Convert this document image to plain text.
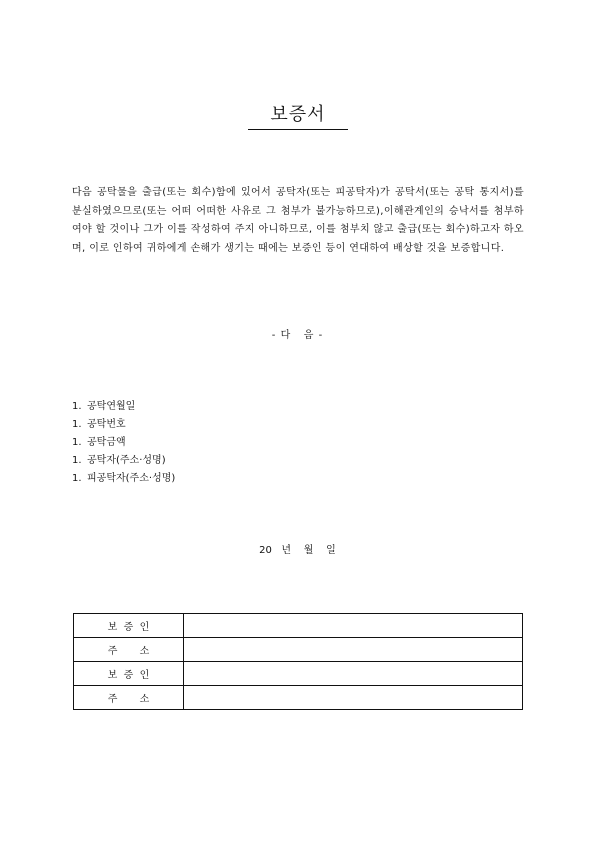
보증서

다음 공탁물을 출급(또는 회수)함에 있어서 공탁자(또는 피공탁자)가 공탁서(또는 공탁 통지서)를 분실하였으므로(또는 어떠 어떠한 사유로 그 첨부가 불가능하므로),이해관계인의 승낙서를 첨부하여야 할 것이나 그가 이를 작성하여 주지 아니하므로, 이를 첨부치 않고 출급(또는 회수)하고자 하오며, 이로 인하여 귀하에게 손해가 생기는 때에는 보증인 등이 연대하여 배상할 것을 보증합니다.

- 다   음 -
1. 공탁연월일
1. 공탁번호
1. 공탁금액
1. 공탁자(주소·성명)
1. 피공탁자(주소·성명)
20   년    월    일
보  증  인	
주       소	
보  증  인	
주       소	
